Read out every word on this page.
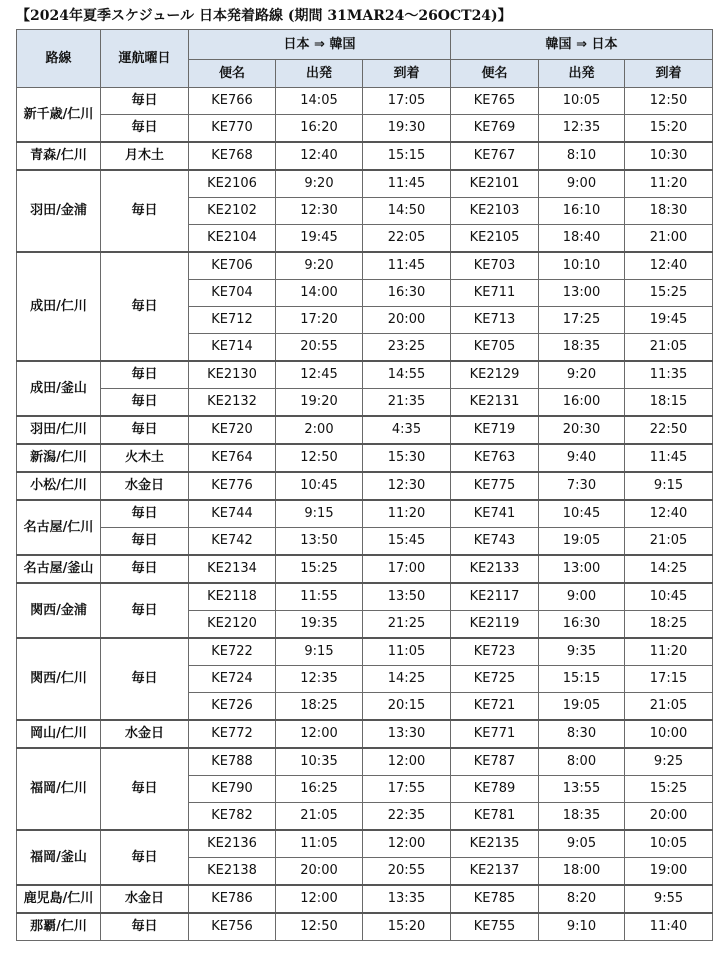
【2024年夏季スケジュール 日本発着路線 (期間 31MAR24〜26OCT24)】
路線	運航曜日	日本 ⇒ 韓国			韓国 ⇒ 日本		
		便名	出発	到着	便名	出発	到着
新千歳/仁川	毎日	KE766	14:05	17:05	KE765	10:05	12:50
	毎日	KE770	16:20	19:30	KE769	12:35	15:20
青森/仁川	月木土	KE768	12:40	15:15	KE767	8:10	10:30
羽田/金浦	毎日	KE2106	9:20	11:45	KE2101	9:00	11:20
		KE2102	12:30	14:50	KE2103	16:10	18:30
		KE2104	19:45	22:05	KE2105	18:40	21:00
成田/仁川	毎日	KE706	9:20	11:45	KE703	10:10	12:40
		KE704	14:00	16:30	KE711	13:00	15:25
		KE712	17:20	20:00	KE713	17:25	19:45
		KE714	20:55	23:25	KE705	18:35	21:05
成田/釜山	毎日	KE2130	12:45	14:55	KE2129	9:20	11:35
	毎日	KE2132	19:20	21:35	KE2131	16:00	18:15
羽田/仁川	毎日	KE720	2:00	4:35	KE719	20:30	22:50
新潟/仁川	火木土	KE764	12:50	15:30	KE763	9:40	11:45
小松/仁川	水金日	KE776	10:45	12:30	KE775	7:30	9:15
名古屋/仁川	毎日	KE744	9:15	11:20	KE741	10:45	12:40
	毎日	KE742	13:50	15:45	KE743	19:05	21:05
名古屋/釜山	毎日	KE2134	15:25	17:00	KE2133	13:00	14:25
関西/金浦	毎日	KE2118	11:55	13:50	KE2117	9:00	10:45
		KE2120	19:35	21:25	KE2119	16:30	18:25
関西/仁川	毎日	KE722	9:15	11:05	KE723	9:35	11:20
		KE724	12:35	14:25	KE725	15:15	17:15
		KE726	18:25	20:15	KE721	19:05	21:05
岡山/仁川	水金日	KE772	12:00	13:30	KE771	8:30	10:00
福岡/仁川	毎日	KE788	10:35	12:00	KE787	8:00	9:25
		KE790	16:25	17:55	KE789	13:55	15:25
		KE782	21:05	22:35	KE781	18:35	20:00
福岡/釜山	毎日	KE2136	11:05	12:00	KE2135	9:05	10:05
		KE2138	20:00	20:55	KE2137	18:00	19:00
鹿児島/仁川	水金日	KE786	12:00	13:35	KE785	8:20	9:55
那覇/仁川	毎日	KE756	12:50	15:20	KE755	9:10	11:40
